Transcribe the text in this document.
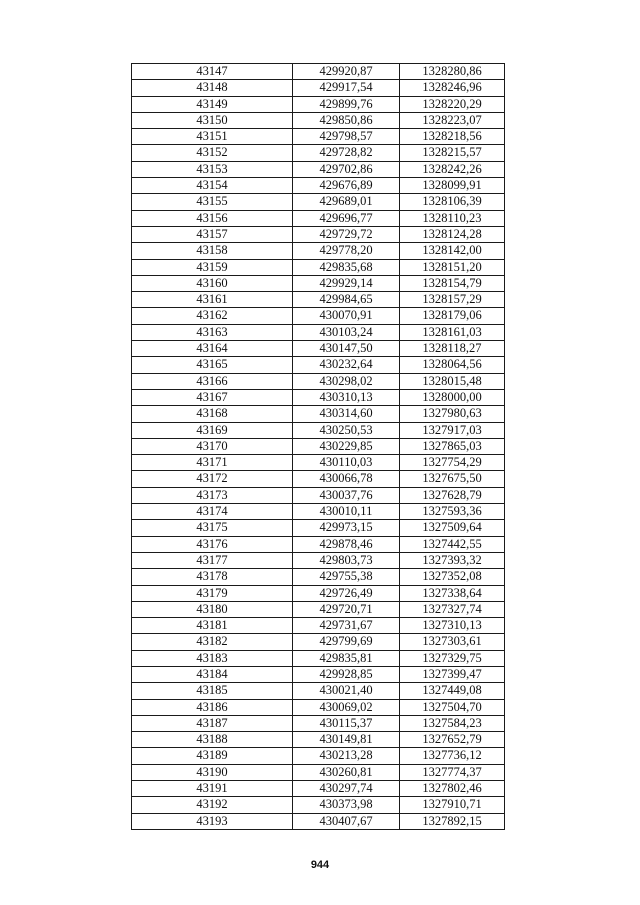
43147	429920,87	1328280,86
43148	429917,54	1328246,96
43149	429899,76	1328220,29
43150	429850,86	1328223,07
43151	429798,57	1328218,56
43152	429728,82	1328215,57
43153	429702,86	1328242,26
43154	429676,89	1328099,91
43155	429689,01	1328106,39
43156	429696,77	1328110,23
43157	429729,72	1328124,28
43158	429778,20	1328142,00
43159	429835,68	1328151,20
43160	429929,14	1328154,79
43161	429984,65	1328157,29
43162	430070,91	1328179,06
43163	430103,24	1328161,03
43164	430147,50	1328118,27
43165	430232,64	1328064,56
43166	430298,02	1328015,48
43167	430310,13	1328000,00
43168	430314,60	1327980,63
43169	430250,53	1327917,03
43170	430229,85	1327865,03
43171	430110,03	1327754,29
43172	430066,78	1327675,50
43173	430037,76	1327628,79
43174	430010,11	1327593,36
43175	429973,15	1327509,64
43176	429878,46	1327442,55
43177	429803,73	1327393,32
43178	429755,38	1327352,08
43179	429726,49	1327338,64
43180	429720,71	1327327,74
43181	429731,67	1327310,13
43182	429799,69	1327303,61
43183	429835,81	1327329,75
43184	429928,85	1327399,47
43185	430021,40	1327449,08
43186	430069,02	1327504,70
43187	430115,37	1327584,23
43188	430149,81	1327652,79
43189	430213,28	1327736,12
43190	430260,81	1327774,37
43191	430297,74	1327802,46
43192	430373,98	1327910,71
43193	430407,67	1327892,15
944
